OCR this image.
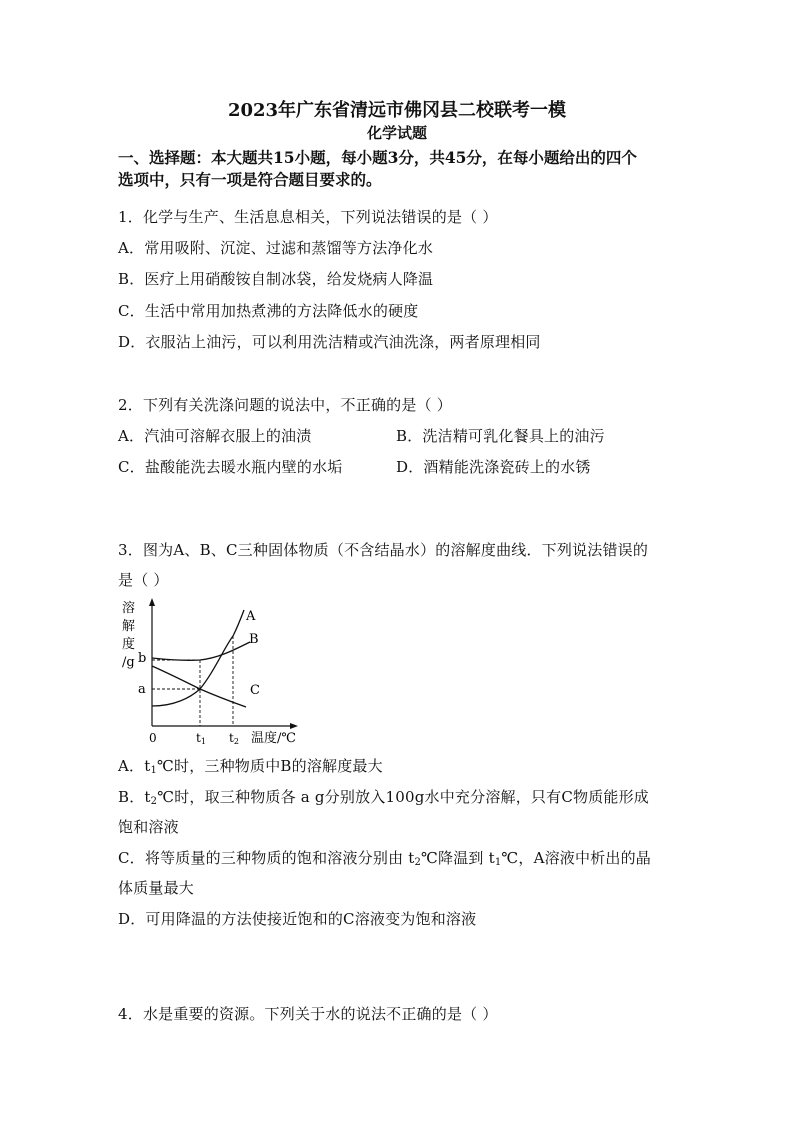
2023年广东省清远市佛冈县二校联考一模
化学试题
一、选择题：本大题共15小题，每小题3分，共45分，在每小题给出的四个
选项中，只有一项是符合题目要求的。
1．化学与生产、生活息息相关，下列说法错误的是（ ）
A．常用吸附、沉淀、过滤和蒸馏等方法净化水
B．医疗上用硝酸铵自制冰袋，给发烧病人降温
C．生活中常用加热煮沸的方法降低水的硬度
D．衣服沾上油污，可以利用洗洁精或汽油洗涤，两者原理相同
2．下列有关洗涤问题的说法中，不正确的是（ ）
A．汽油可溶解衣服上的油渍	B．洗洁精可乳化餐具上的油污
C．盐酸能洗去暖水瓶内壁的水垢	D．酒精能洗涤瓷砖上的水锈
3．图为A、B、C三种固体物质（不含结晶水）的溶解度曲线．下列说法错误的
是（ ）
溶
解
度
/g
A
B
C
b
a
0	t1 t2 温度/℃
A．$t_1℃$时，三种物质中B的溶解度最大
B．$t_2℃$时，取三种物质各 a g分别放入100g水中充分溶解，只有C物质能形成
饱和溶液
C．将等质量的三种物质的饱和溶液分别由 $t_2℃$降温到 $t_1℃$，A溶液中析出的晶
体质量最大
D．可用降温的方法使接近饱和的C溶液变为饱和溶液
4．水是重要的资源。下列关于水的说法不正确的是（ ）
